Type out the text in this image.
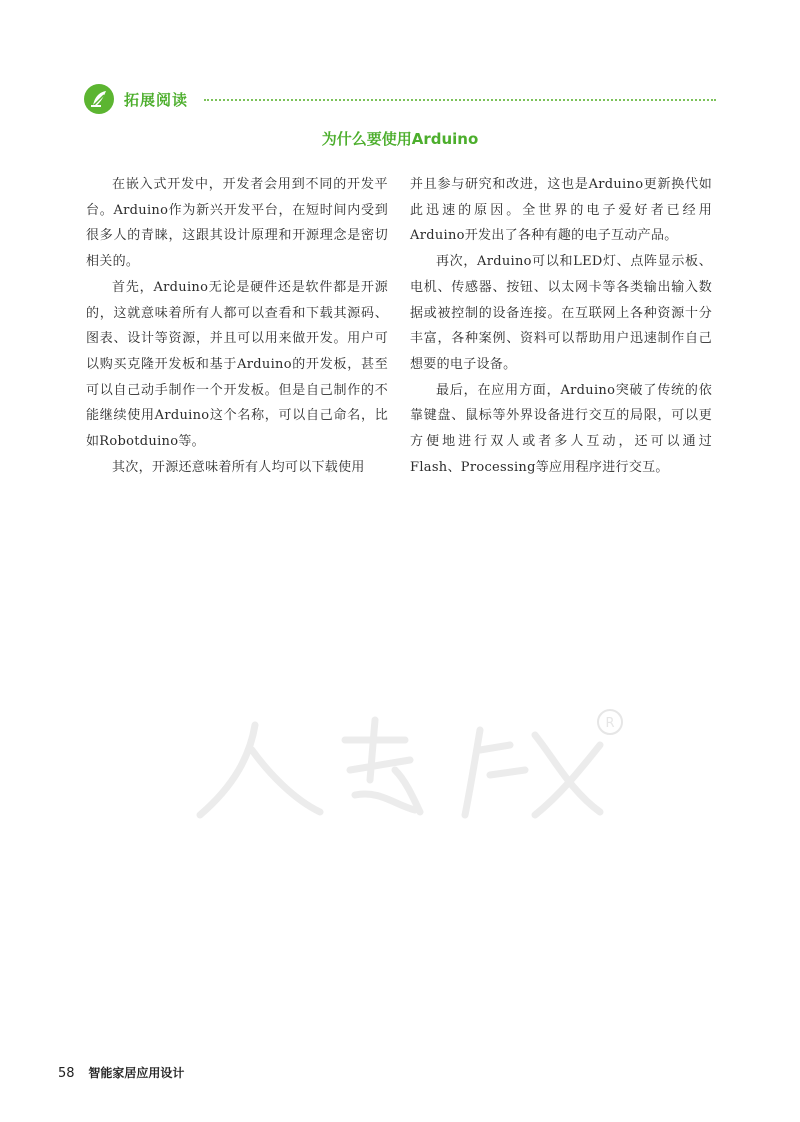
拓展阅读
为什么要使用Arduino

在嵌入式开发中，开发者会用到不同的开发平台。Arduino作为新兴开发平台，在短时间内受到很多人的青睐，这跟其设计原理和开源理念是密切相关的。

首先，Arduino无论是硬件还是软件都是开源的，这就意味着所有人都可以查看和下载其源码、图表、设计等资源，并且可以用来做开发。用户可以购买克隆开发板和基于Arduino的开发板，甚至可以自己动手制作一个开发板。但是自己制作的不能继续使用Arduino这个名称，可以自己命名，比如Robotduino等。

其次，开源还意味着所有人均可以下载使用

并且参与研究和改进，这也是Arduino更新换代如此迅速的原因。全世界的电子爱好者已经用Arduino开发出了各种有趣的电子互动产品。

再次，Arduino可以和LED灯、点阵显示板、电机、传感器、按钮、以太网卡等各类输出输入数据或被控制的设备连接。在互联网上各种资源十分丰富，各种案例、资料可以帮助用户迅速制作自己想要的电子设备。

最后，在应用方面，Arduino突破了传统的依靠键盘、鼠标等外界设备进行交互的局限，可以更方便地进行双人或者多人互动，还可以通过Flash、Processing等应用程序进行交互。

R
58 智能家居应用设计
